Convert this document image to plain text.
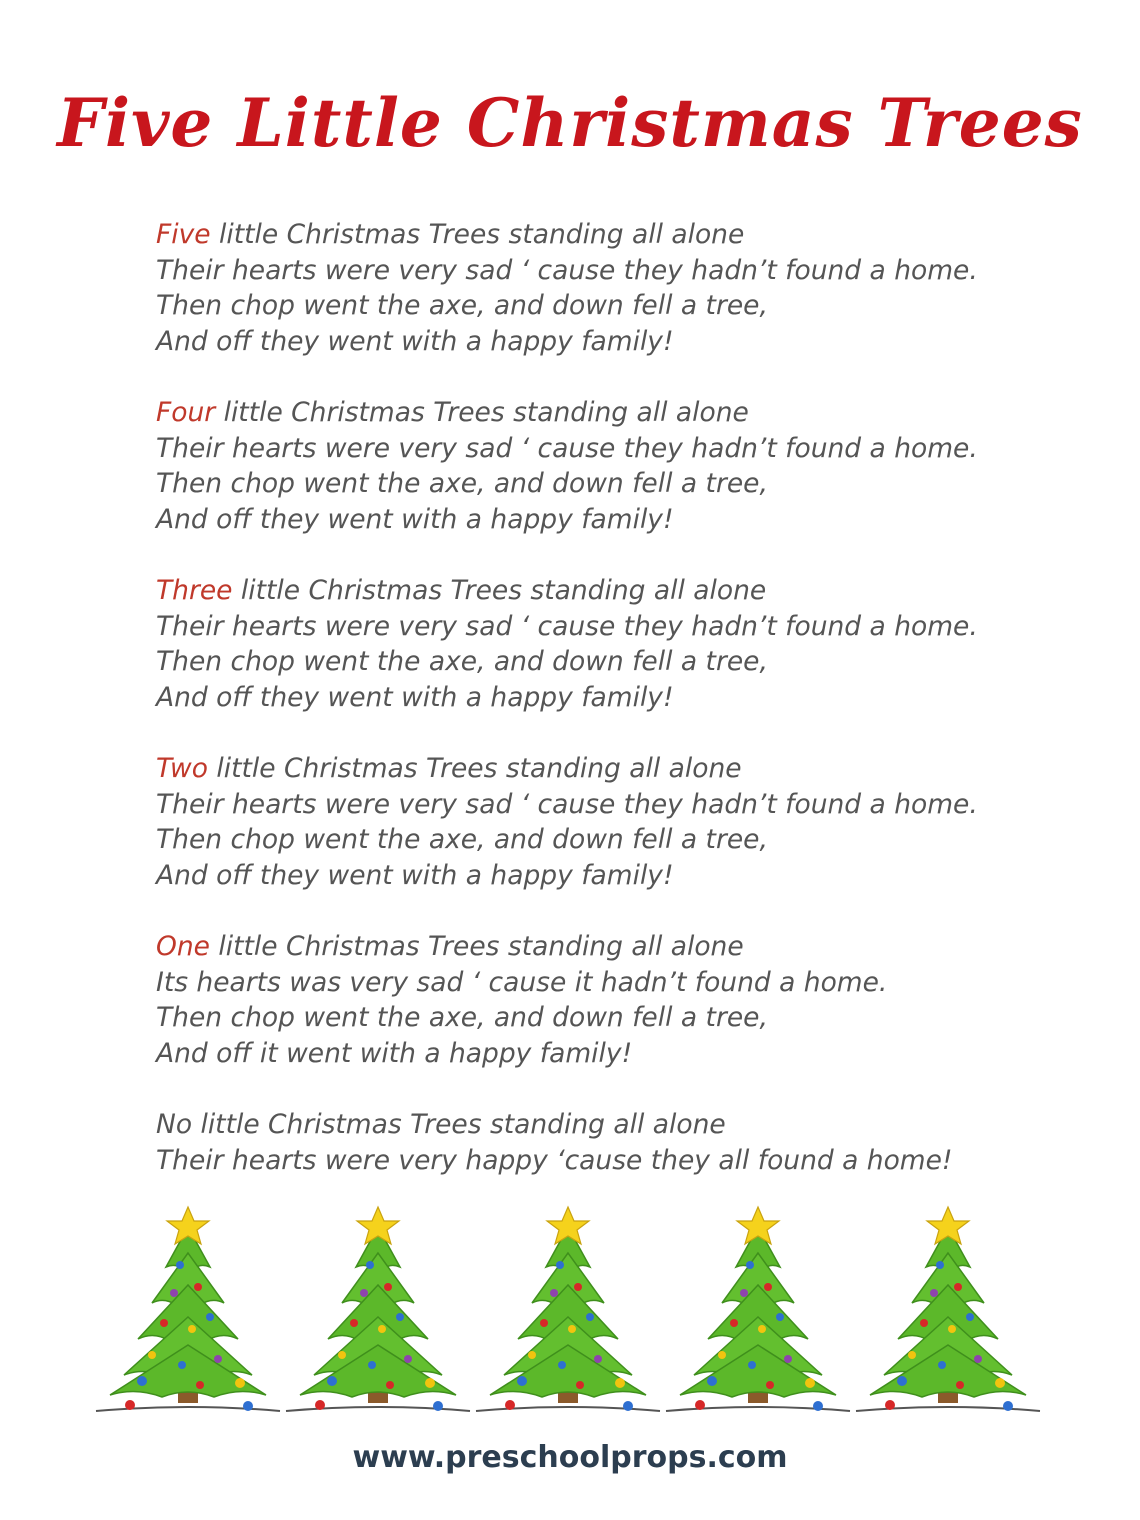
Five Little Christmas Trees
Five little Christmas Trees standing all alone
Their hearts were very sad ‘ cause they hadn’t found a home.
Then chop went the axe, and down fell a tree,
And off they went with a happy family!
Four little Christmas Trees standing all alone
Their hearts were very sad ‘ cause they hadn’t found a home.
Then chop went the axe, and down fell a tree,
And off they went with a happy family!
Three little Christmas Trees standing all alone
Their hearts were very sad ‘ cause they hadn’t found a home.
Then chop went the axe, and down fell a tree,
And off they went with a happy family!
Two little Christmas Trees standing all alone
Their hearts were very sad ‘ cause they hadn’t found a home.
Then chop went the axe, and down fell a tree,
And off they went with a happy family!
One little Christmas Trees standing all alone
Its hearts was very sad ‘ cause it hadn’t found a home.
Then chop went the axe, and down fell a tree,
And off it went with a happy family!
No little Christmas Trees standing all alone
Their hearts were very happy ‘cause they all found a home!
www.preschoolprops.com
